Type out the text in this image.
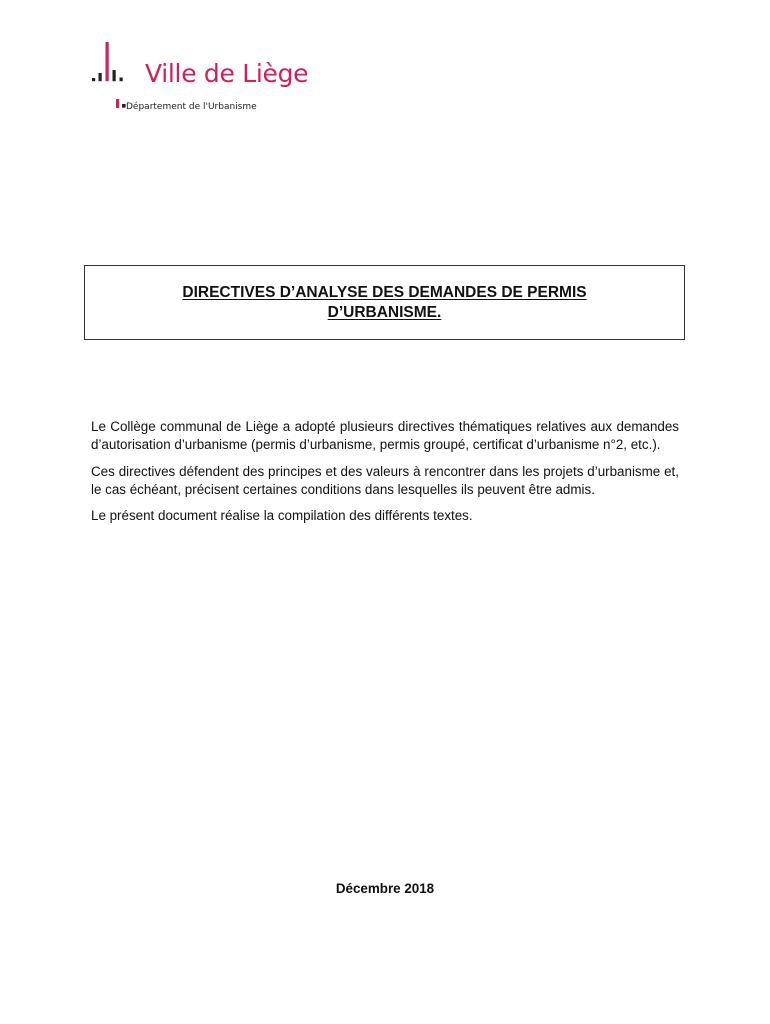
Ville de Liège
Département de l'Urbanisme
DIRECTIVES D’ANALYSE DES DEMANDES DE PERMIS
D’URBANISME.

Le Collège communal de Liège a adopté plusieurs directives thématiques relatives aux demandes d’autorisation d’urbanisme (permis d’urbanisme, permis groupé, certificat d’urbanisme n°2, etc.).

Ces directives défendent des principes et des valeurs à rencontrer dans les projets d’urbanisme et, le cas échéant, précisent certaines conditions dans lesquelles ils peuvent être admis.

Le présent document réalise la compilation des différents textes.

Décembre 2018
